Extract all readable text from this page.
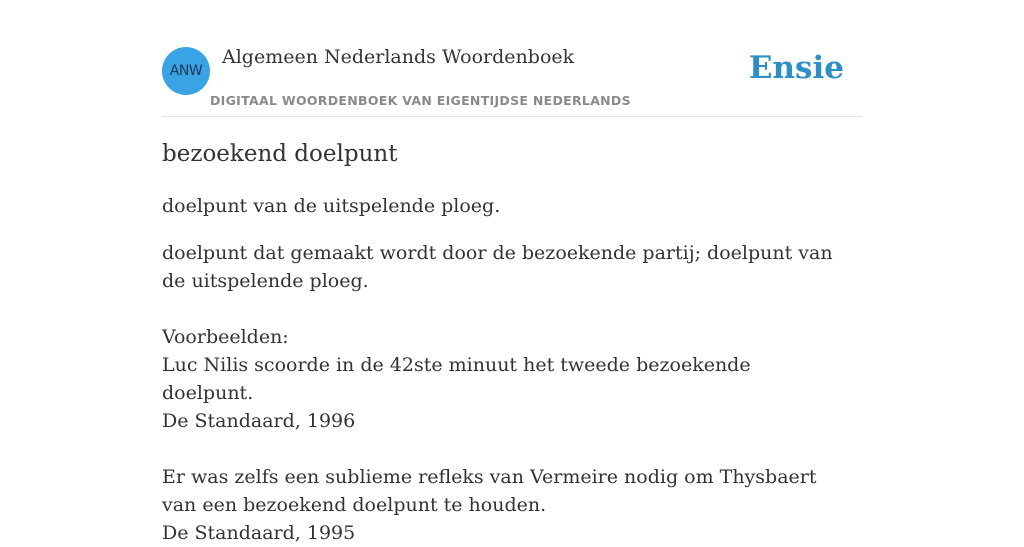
ANW
Algemeen Nederlands Woordenboek
DIGITAAL WOORDENBOEK VAN EIGENTIJDSE NEDERLANDS
Ensie
bezoekend doelpunt

doelpunt van de uitspelende ploeg.

doelpunt dat gemaakt wordt door de bezoekende partij; doelpunt van de uitspelende ploeg.

Voorbeelden:

Luc Nilis scoorde in de 42ste minuut het tweede bezoekende doelpunt.

De Standaard, 1996

Er was zelfs een sublieme refleks van Vermeire nodig om Thysbaert van een bezoekend doelpunt te houden.

De Standaard, 1995
